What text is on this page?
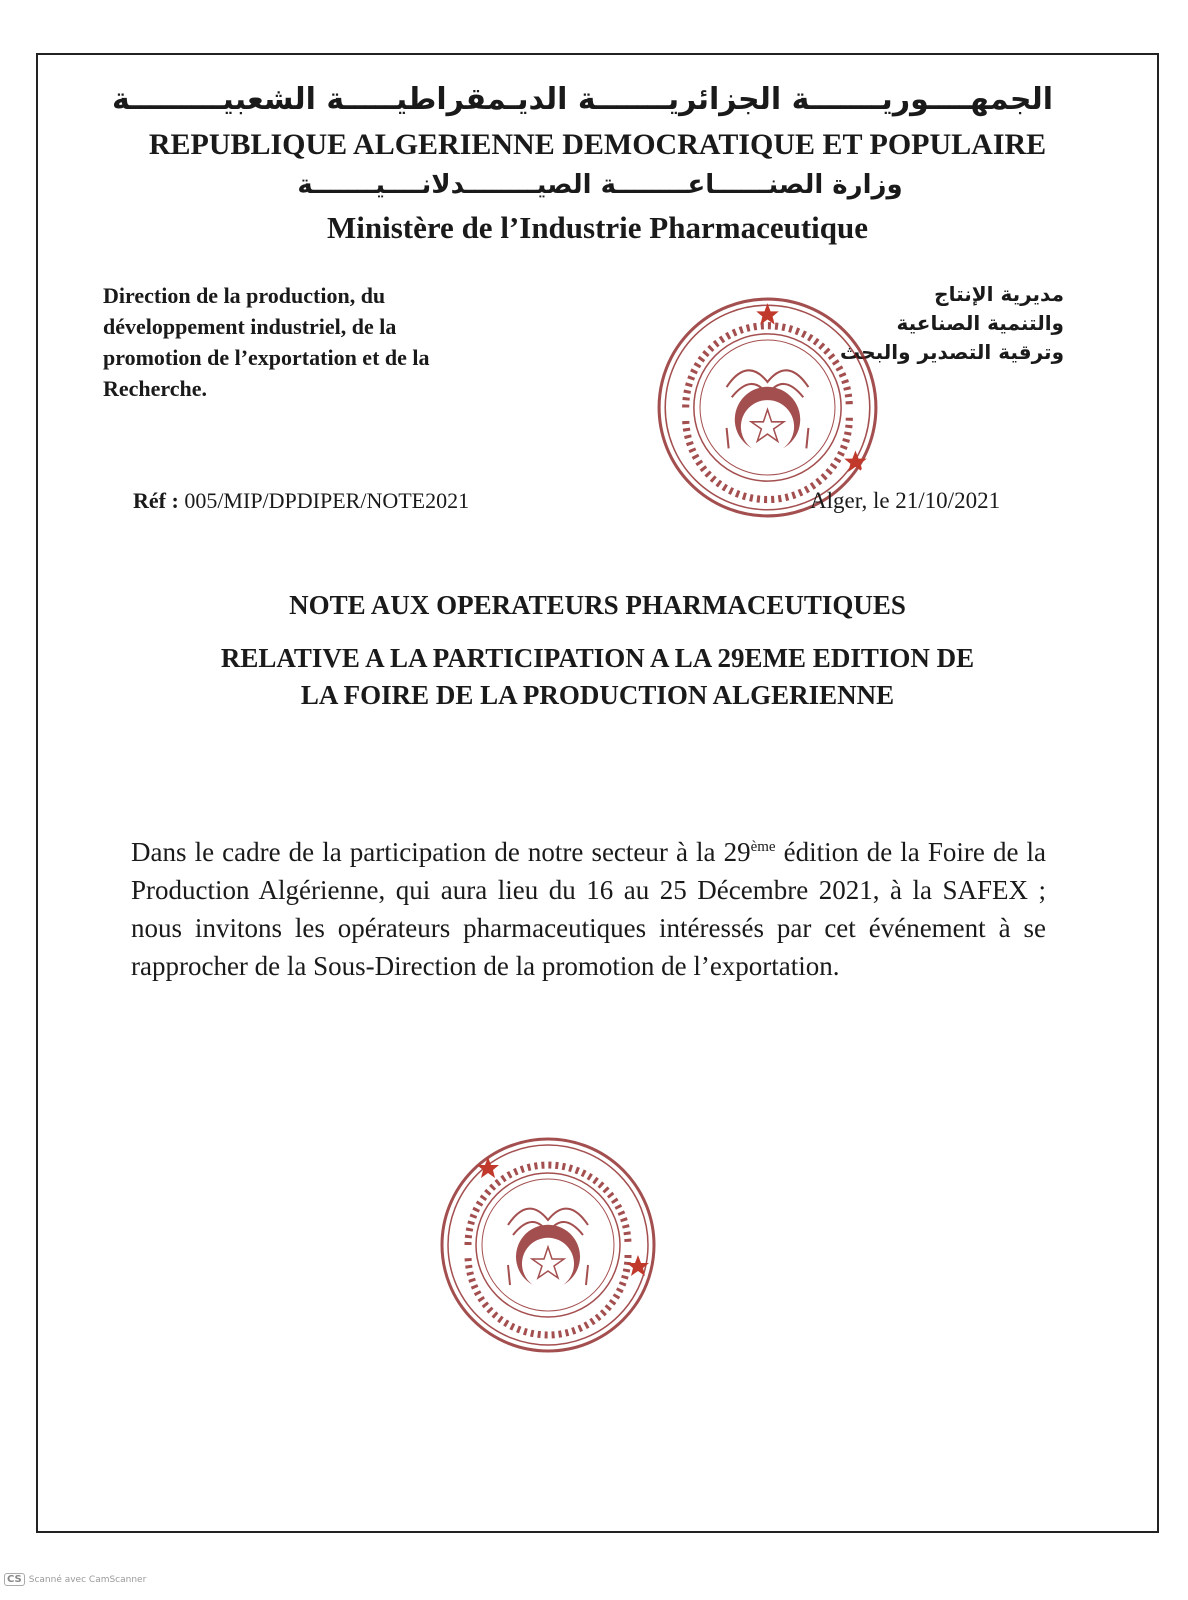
الجمهــــوريـــــــة الجزائريـــــــة الديـمقراطيـــــة الشعبيـــــــــة
REPUBLIQUE ALGERIENNE DEMOCRATIQUE ET POPULAIRE
وزارة الصنــــــاعــــــــة الصيــــــــدلانــــيـــــــة
Ministère de l’Industrie Pharmaceutique
Direction de la production, du
développement industriel, de la
promotion de l’exportation et de la
Recherche.
مديرية الإنتاج
والتنمية الصناعية
وترقية التصدير والبحث
Réf : 005/MIP/DPDIPER/NOTE2021	Alger, le 21/10/2021
NOTE AUX OPERATEURS PHARMACEUTIQUES
RELATIVE A LA PARTICIPATION A LA 29EME EDITION DE
LA FOIRE DE LA PRODUCTION ALGERIENNE
Dans le cadre de la participation de notre secteur à la 29ème édition de la Foire de la Production Algérienne, qui aura lieu du 16 au 25 Décembre 2021, à la SAFEX ; nous invitons les opérateurs pharmaceutiques intéressés par cet événement à se rapprocher de la Sous-Direction de la promotion de l’exportation.
CS Scanné avec CamScanner
